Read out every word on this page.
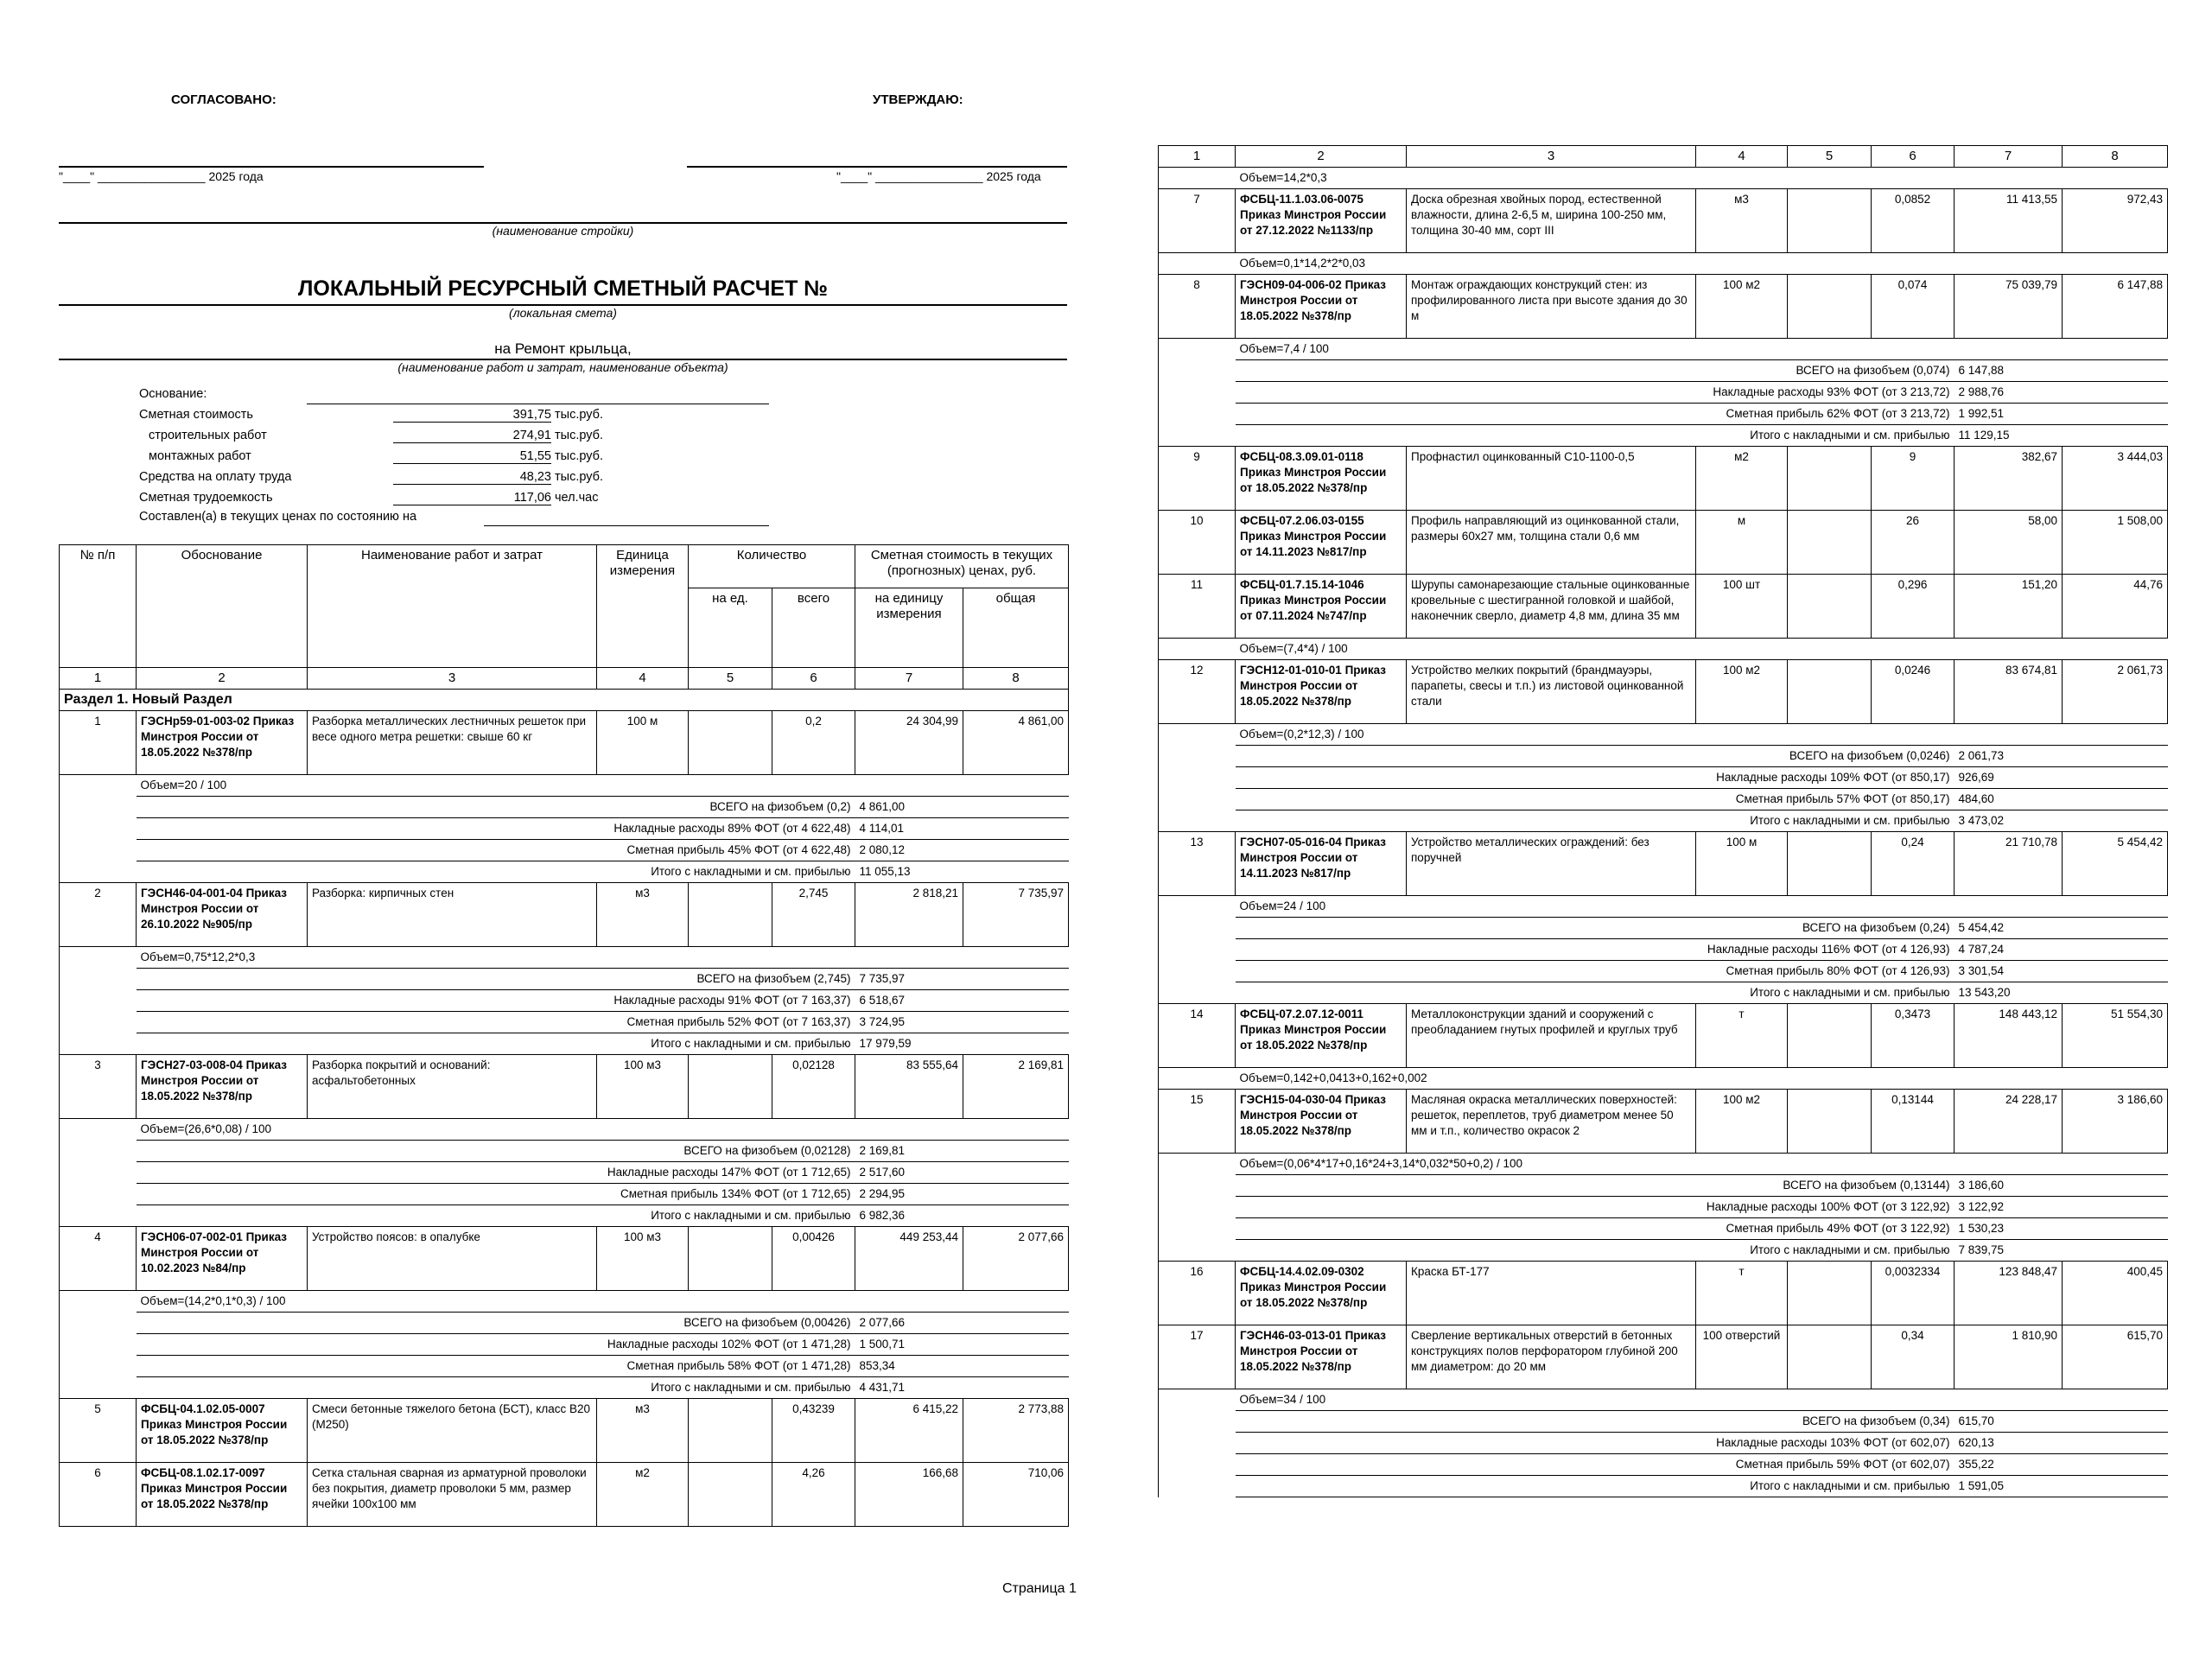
СОГЛАСОВАНО:	УТВЕРЖДАЮ:
"____" ________________ 2025 года	"____" ________________ 2025 года
(наименование стройки)
ЛОКАЛЬНЫЙ РЕСУРСНЫЙ СМЕТНЫЙ РАСЧЕТ №
(локальная смета)
на Ремонт крыльца,
(наименование работ и затрат, наименование объекта)
Основание:
Сметная стоимость	391,75 тыс.руб.
строительных работ	274,91 тыс.руб.
монтажных работ	51,55 тыс.руб.
Средства на оплату труда	48,23 тыс.руб.
Сметная трудоемкость	117,06 чел.час
Составлен(а) в текущих ценах по состоянию на
№ п/п	Обоснование	Наименование работ и затрат	Единица измерения	Количество		Сметная стоимость в текущих (прогнозных) ценах, руб.	
				на ед.	всего	на единицу измерения	общая
1	2	3	4	5	6	7	8
Раздел 1. Новый Раздел							
1	ГЭСНр59-01-003-02 Приказ Минстроя России от 18.05.2022 №378/пр	Разборка металлических лестничных решеток при весе одного метра решетки: свыше 60 кг	100 м		0,2	24 304,99	4 861,00
	Объем=20 / 100						
	ВСЕГО на физобъем (0,2)					4 861,00	
	Накладные расходы 89% ФОТ (от 4 622,48)					4 114,01	
	Сметная прибыль 45% ФОТ (от 4 622,48)					2 080,12	
	Итого с накладными и см. прибылью					11 055,13	
2	ГЭСН46-04-001-04 Приказ Минстроя России от 26.10.2022 №905/пр	Разборка: кирпичных стен	м3		2,745	2 818,21	7 735,97
	Объем=0,75*12,2*0,3						
	ВСЕГО на физобъем (2,745)					7 735,97	
	Накладные расходы 91% ФОТ (от 7 163,37)					6 518,67	
	Сметная прибыль 52% ФОТ (от 7 163,37)					3 724,95	
	Итого с накладными и см. прибылью					17 979,59	
3	ГЭСН27-03-008-04 Приказ Минстроя России от 18.05.2022 №378/пр	Разборка покрытий и оснований: асфальтобетонных	100 м3		0,02128	83 555,64	2 169,81
	Объем=(26,6*0,08) / 100						
	ВСЕГО на физобъем (0,02128)					2 169,81	
	Накладные расходы 147% ФОТ (от 1 712,65)					2 517,60	
	Сметная прибыль 134% ФОТ (от 1 712,65)					2 294,95	
	Итого с накладными и см. прибылью					6 982,36	
4	ГЭСН06-07-002-01 Приказ Минстроя России от 10.02.2023 №84/пр	Устройство поясов: в опалубке	100 м3		0,00426	449 253,44	2 077,66
	Объем=(14,2*0,1*0,3) / 100						
	ВСЕГО на физобъем (0,00426)					2 077,66	
	Накладные расходы 102% ФОТ (от 1 471,28)					1 500,71	
	Сметная прибыль 58% ФОТ (от 1 471,28)					853,34	
	Итого с накладными и см. прибылью					4 431,71	
5	ФСБЦ-04.1.02.05-0007 Приказ Минстроя России от 18.05.2022 №378/пр	Смеси бетонные тяжелого бетона (БСТ), класс В20 (М250)	м3		0,43239	6 415,22	2 773,88
6	ФСБЦ-08.1.02.17-0097 Приказ Минстроя России от 18.05.2022 №378/пр	Сетка стальная сварная из арматурной проволоки без покрытия, диаметр проволоки 5 мм, размер ячейки 100х100 мм	м2		4,26	166,68	710,06
Страница 1
1	2	3	4	5	6	7	8
	Объем=14,2*0,3						
7	ФСБЦ-11.1.03.06-0075 Приказ Минстроя России от 27.12.2022 №1133/пр	Доска обрезная хвойных пород, естественной влажности, длина 2-6,5 м, ширина 100-250 мм, толщина 30-40 мм, сорт III	м3		0,0852	11 413,55	972,43
	Объем=0,1*14,2*2*0,03						
8	ГЭСН09-04-006-02 Приказ Минстроя России от 18.05.2022 №378/пр	Монтаж ограждающих конструкций стен: из профилированного листа при высоте здания до 30 м	100 м2		0,074	75 039,79	6 147,88
	Объем=7,4 / 100						
	ВСЕГО на физобъем (0,074)					6 147,88	
	Накладные расходы 93% ФОТ (от 3 213,72)					2 988,76	
	Сметная прибыль 62% ФОТ (от 3 213,72)					1 992,51	
	Итого с накладными и см. прибылью					11 129,15	
9	ФСБЦ-08.3.09.01-0118 Приказ Минстроя России от 18.05.2022 №378/пр	Профнастил оцинкованный С10-1100-0,5	м2		9	382,67	3 444,03
10	ФСБЦ-07.2.06.03-0155 Приказ Минстроя России от 14.11.2023 №817/пр	Профиль направляющий из оцинкованной стали, размеры 60х27 мм, толщина стали 0,6 мм	м		26	58,00	1 508,00
11	ФСБЦ-01.7.15.14-1046 Приказ Минстроя России от 07.11.2024 №747/пр	Шурупы самонарезающие стальные оцинкованные кровельные с шестигранной головкой и шайбой, наконечник сверло, диаметр 4,8 мм, длина 35 мм	100 шт		0,296	151,20	44,76
	Объем=(7,4*4) / 100						
12	ГЭСН12-01-010-01 Приказ Минстроя России от 18.05.2022 №378/пр	Устройство мелких покрытий (брандмауэры, парапеты, свесы и т.п.) из листовой оцинкованной стали	100 м2		0,0246	83 674,81	2 061,73
	Объем=(0,2*12,3) / 100						
	ВСЕГО на физобъем (0,0246)					2 061,73	
	Накладные расходы 109% ФОТ (от 850,17)					926,69	
	Сметная прибыль 57% ФОТ (от 850,17)					484,60	
	Итого с накладными и см. прибылью					3 473,02	
13	ГЭСН07-05-016-04 Приказ Минстроя России от 14.11.2023 №817/пр	Устройство металлических ограждений: без поручней	100 м		0,24	21 710,78	5 454,42
	Объем=24 / 100						
	ВСЕГО на физобъем (0,24)					5 454,42	
	Накладные расходы 116% ФОТ (от 4 126,93)					4 787,24	
	Сметная прибыль 80% ФОТ (от 4 126,93)					3 301,54	
	Итого с накладными и см. прибылью					13 543,20	
14	ФСБЦ-07.2.07.12-0011 Приказ Минстроя России от 18.05.2022 №378/пр	Металлоконструкции зданий и сооружений с преобладанием гнутых профилей и круглых труб	т		0,3473	148 443,12	51 554,30
	Объем=0,142+0,0413+0,162+0,002						
15	ГЭСН15-04-030-04 Приказ Минстроя России от 18.05.2022 №378/пр	Масляная окраска металлических поверхностей: решеток, переплетов, труб диаметром менее 50 мм и т.п., количество окрасок 2	100 м2		0,13144	24 228,17	3 186,60
	Объем=(0,06*4*17+0,16*24+3,14*0,032*50+0,2) / 100						
	ВСЕГО на физобъем (0,13144)					3 186,60	
	Накладные расходы 100% ФОТ (от 3 122,92)					3 122,92	
	Сметная прибыль 49% ФОТ (от 3 122,92)					1 530,23	
	Итого с накладными и см. прибылью					7 839,75	
16	ФСБЦ-14.4.02.09-0302 Приказ Минстроя России от 18.05.2022 №378/пр	Краска БТ-177	т		0,0032334	123 848,47	400,45
17	ГЭСН46-03-013-01 Приказ Минстроя России от 18.05.2022 №378/пр	Сверление вертикальных отверстий в бетонных конструкциях полов перфоратором глубиной 200 мм диаметром: до 20 мм	100 отверстий		0,34	1 810,90	615,70
	Объем=34 / 100						
	ВСЕГО на физобъем (0,34)					615,70	
	Накладные расходы 103% ФОТ (от 602,07)					620,13	
	Сметная прибыль 59% ФОТ (от 602,07)					355,22	
	Итого с накладными и см. прибылью					1 591,05	
